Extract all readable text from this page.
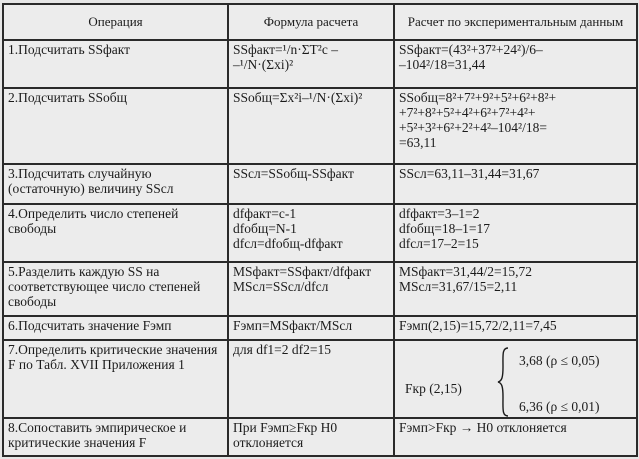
Операция	Формула расчета	Расчет по экспериментальным данным

1.Подсчитать SSфакт	SSфакт=¹/n·ΣT²c –
–¹/N·(Σxi)²	SSфакт=(43²+37²+24²)/6–
–104²/18=31,44

2.Подсчитать SSобщ	SSобщ=Σx²i–¹/N·(Σxi)²	SSобщ=8²+7²+9²+5²+6²+8²+
+7²+8²+5²+4²+6²+7²+4²+
+5²+3²+6²+2²+4²–104²/18=
=63,11

3.Подсчитать случайную (остаточную) величину SSсл	SSсл=SSобщ-SSфакт	SSсл=63,11–31,44=31,67

4.Определить число степеней свободы	dfфакт=c-1
dfобщ=N-1
dfсл=dfобщ-dfфакт	dfфакт=3–1=2
dfобщ=18–1=17
dfсл=17–2=15

5.Разделить каждую SS на соответствующее число степеней свободы	MSфакт=SSфакт/dfфакт
MSсл=SSсл/dfсл	MSфакт=31,44/2=15,72
MSсл=31,67/15=2,11

6.Подсчитать значение Fэмп	Fэмп=MSфакт/MSсл	Fэмп(2,15)=15,72/2,11=7,45

7.Определить критические значения F по Табл. XVII Приложения 1	для df1=2 df2=15	Fкр (2,15)
3,68 (ρ ≤ 0,05)
6,36 (ρ ≤ 0,01)

8.Сопоставить эмпирическое и критические значения F	При Fэмп≥Fкр H0 отклоняется	Fэмп>Fкр → H0 отклоняется
